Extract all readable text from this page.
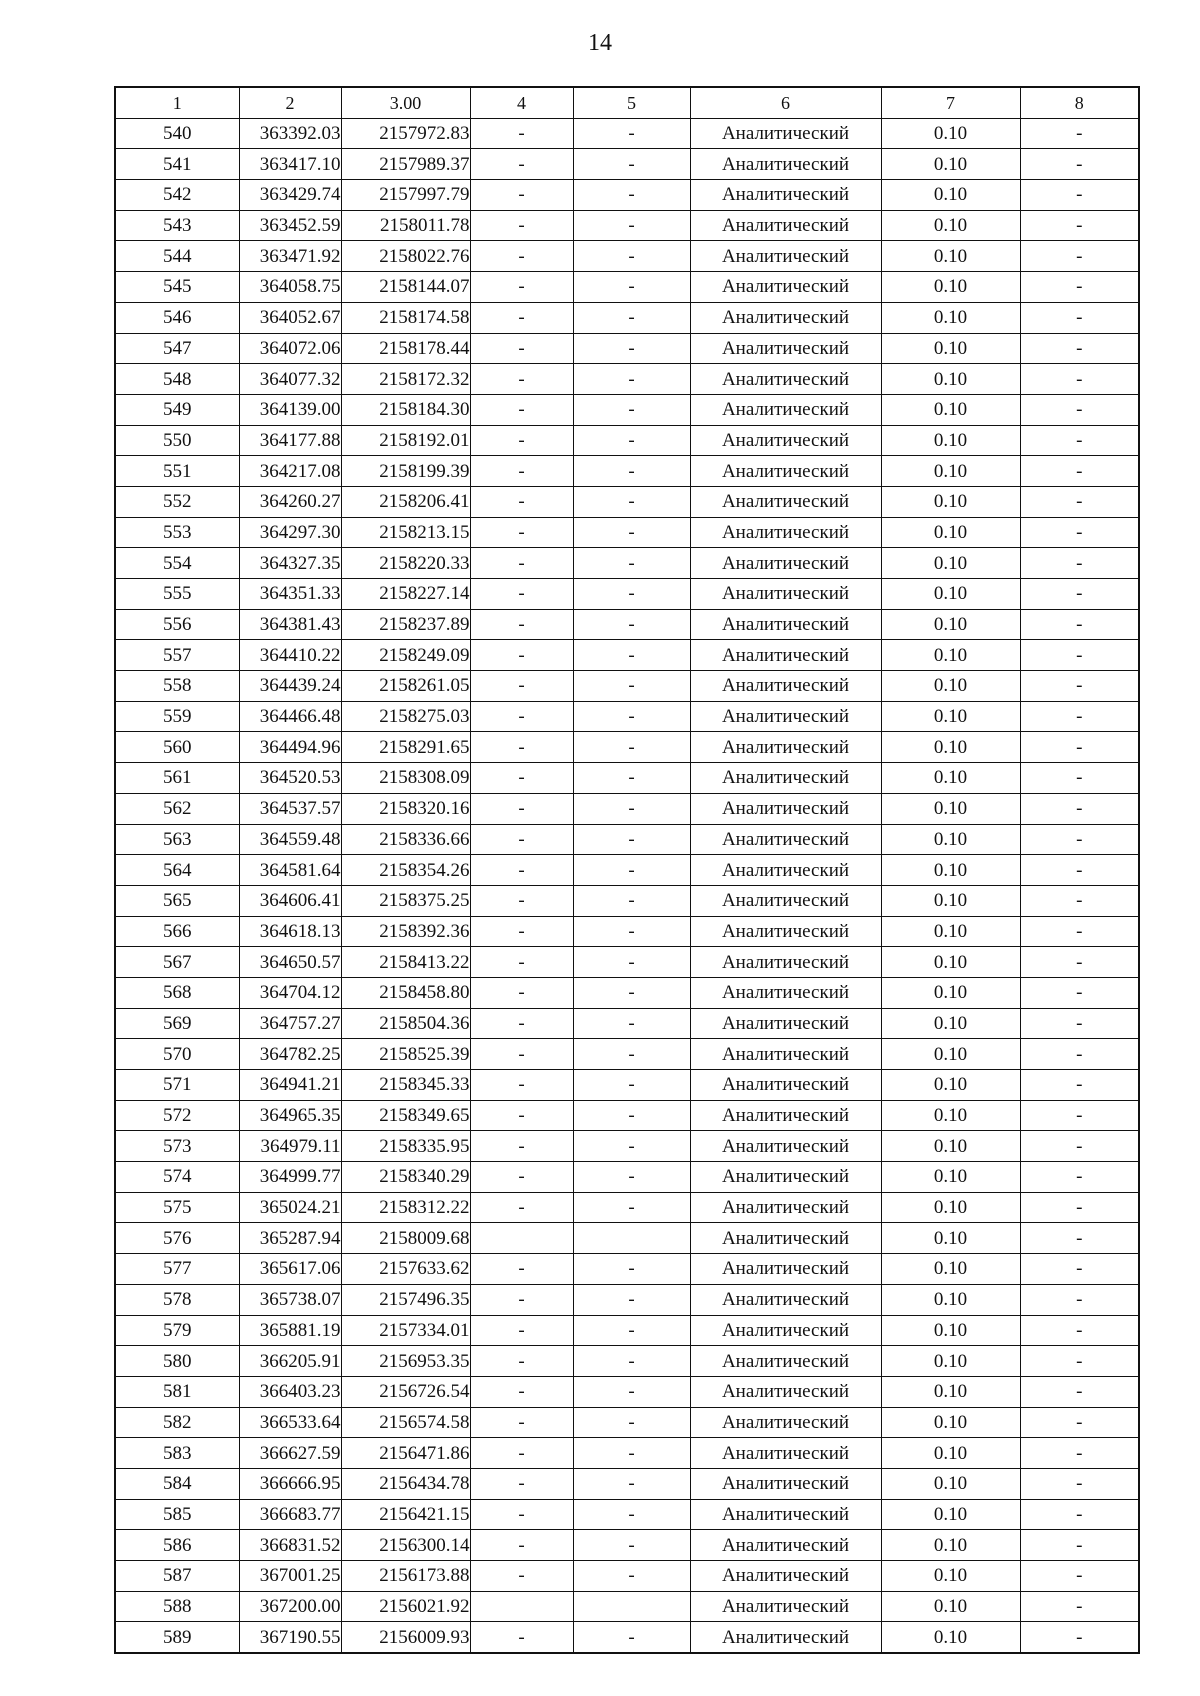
14
1	2	3.00	4	5	6	7	8
540	363392.03	2157972.83	-	-	Аналитический	0.10	-
541	363417.10	2157989.37	-	-	Аналитический	0.10	-
542	363429.74	2157997.79	-	-	Аналитический	0.10	-
543	363452.59	2158011.78	-	-	Аналитический	0.10	-
544	363471.92	2158022.76	-	-	Аналитический	0.10	-
545	364058.75	2158144.07	-	-	Аналитический	0.10	-
546	364052.67	2158174.58	-	-	Аналитический	0.10	-
547	364072.06	2158178.44	-	-	Аналитический	0.10	-
548	364077.32	2158172.32	-	-	Аналитический	0.10	-
549	364139.00	2158184.30	-	-	Аналитический	0.10	-
550	364177.88	2158192.01	-	-	Аналитический	0.10	-
551	364217.08	2158199.39	-	-	Аналитический	0.10	-
552	364260.27	2158206.41	-	-	Аналитический	0.10	-
553	364297.30	2158213.15	-	-	Аналитический	0.10	-
554	364327.35	2158220.33	-	-	Аналитический	0.10	-
555	364351.33	2158227.14	-	-	Аналитический	0.10	-
556	364381.43	2158237.89	-	-	Аналитический	0.10	-
557	364410.22	2158249.09	-	-	Аналитический	0.10	-
558	364439.24	2158261.05	-	-	Аналитический	0.10	-
559	364466.48	2158275.03	-	-	Аналитический	0.10	-
560	364494.96	2158291.65	-	-	Аналитический	0.10	-
561	364520.53	2158308.09	-	-	Аналитический	0.10	-
562	364537.57	2158320.16	-	-	Аналитический	0.10	-
563	364559.48	2158336.66	-	-	Аналитический	0.10	-
564	364581.64	2158354.26	-	-	Аналитический	0.10	-
565	364606.41	2158375.25	-	-	Аналитический	0.10	-
566	364618.13	2158392.36	-	-	Аналитический	0.10	-
567	364650.57	2158413.22	-	-	Аналитический	0.10	-
568	364704.12	2158458.80	-	-	Аналитический	0.10	-
569	364757.27	2158504.36	-	-	Аналитический	0.10	-
570	364782.25	2158525.39	-	-	Аналитический	0.10	-
571	364941.21	2158345.33	-	-	Аналитический	0.10	-
572	364965.35	2158349.65	-	-	Аналитический	0.10	-
573	364979.11	2158335.95	-	-	Аналитический	0.10	-
574	364999.77	2158340.29	-	-	Аналитический	0.10	-
575	365024.21	2158312.22	-	-	Аналитический	0.10	-
576	365287.94	2158009.68			Аналитический	0.10	-
577	365617.06	2157633.62	-	-	Аналитический	0.10	-
578	365738.07	2157496.35	-	-	Аналитический	0.10	-
579	365881.19	2157334.01	-	-	Аналитический	0.10	-
580	366205.91	2156953.35	-	-	Аналитический	0.10	-
581	366403.23	2156726.54	-	-	Аналитический	0.10	-
582	366533.64	2156574.58	-	-	Аналитический	0.10	-
583	366627.59	2156471.86	-	-	Аналитический	0.10	-
584	366666.95	2156434.78	-	-	Аналитический	0.10	-
585	366683.77	2156421.15	-	-	Аналитический	0.10	-
586	366831.52	2156300.14	-	-	Аналитический	0.10	-
587	367001.25	2156173.88	-	-	Аналитический	0.10	-
588	367200.00	2156021.92			Аналитический	0.10	-
589	367190.55	2156009.93	-	-	Аналитический	0.10	-
